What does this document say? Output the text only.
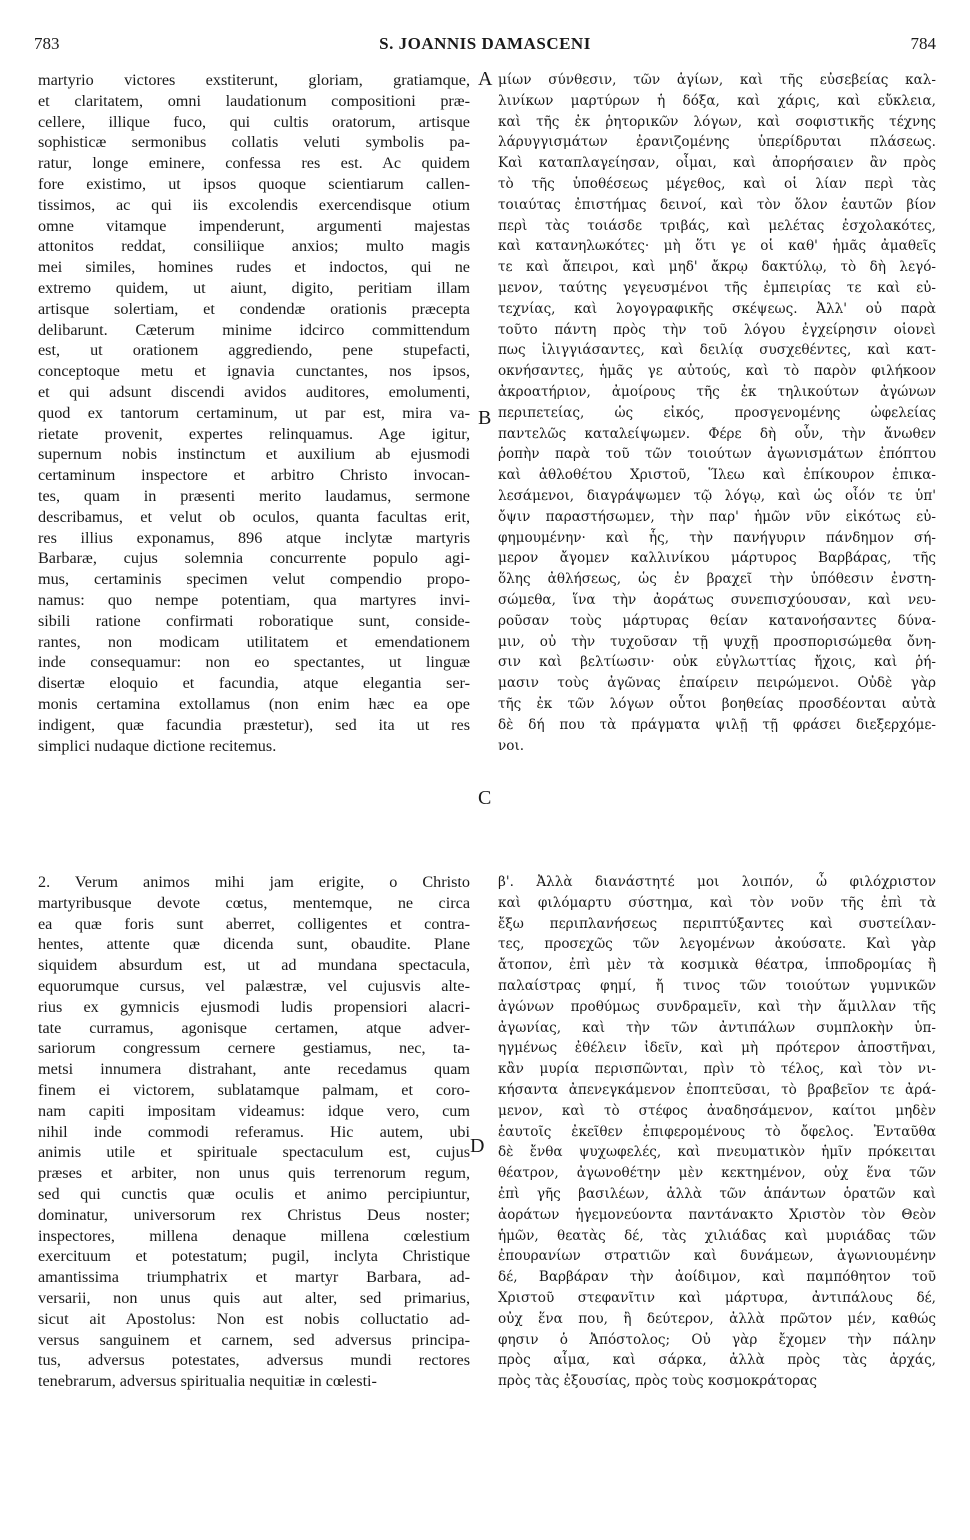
783	S. JOANNIS DAMASCENI	784
martyrio victores exstiterunt, gloriam, gratiamque,
et claritatem, omni laudationum compositioni præ-
cellere, illique fuco, qui cultis oratorum, artisque
sophisticæ sermonibus collatis veluti symbolis pa-
ratur, longe eminere, confessa res est. Ac quidem
fore existimo, ut ipsos quoque scientiarum callen-
tissimos, ac qui iis excolendis exercendisque otium
omne vitamque impenderunt, argumenti majestas
attonitos reddat, consiliique anxios; multo magis
mei similes, homines rudes et indoctos, qui ne
extremo quidem, ut aiunt, digito, peritiam illam
artisque solertiam, et condendæ orationis præcepta
delibarunt. Cæterum minime idcirco committendum
est, ut orationem aggrediendo, pene stupefacti,
conceptoque metu et ignavia cunctantes, nos ipsos,
et qui adsunt discendi avidos auditores, emolumenti,
quod ex tantorum certaminum, ut par est, mira va-
rietate provenit, expertes relinquamus. Age igitur,
supernum nobis instinctum et auxilium ab ejusmodi
certaminum inspectore et arbitro Christo invocan-
tes, quam in præsenti merito laudamus, sermone
describamus, et velut ob oculos, quanta facultas erit,
res illius exponamus, 896 atque inclytæ martyris
Barbaræ, cujus solemnia concurrente populo agi-
mus, certaminis specimen velut compendio propo-
namus: quo nempe potentiam, qua martyres invi-
sibili ratione confirmati roboratique sunt, conside-
rantes, non modicam utilitatem et emendationem
inde consequamur: non eo spectantes, ut linguæ
disertæ eloquio et facundia, atque elegantia ser-
monis certamina extollamus (non enim hæc ea ope
indigent, quæ facundia præstetur), sed ita ut res
simplici nudaque dictione recitemus.
μίων σύνθεσιν, τῶν ἁγίων, καὶ τῆς εὐσεβείας καλ-
λινίκων μαρτύρων ἡ δόξα, καὶ χάρις, καὶ εὔκλεια,
καὶ τῆς ἐκ ῥητορικῶν λόγων, καὶ σοφιστικῆς τέχνης
λάρυγγισμάτων ἐρανιζομένης ὑπερίδρυται πλάσεως.
Καὶ καταπλαγείησαν, οἶμαι, καὶ ἀπορήσαιεν ἂν πρὸς
τὸ τῆς ὑποθέσεως μέγεθος, καὶ οἱ λίαν περὶ τὰς
τοιαύτας ἐπιστήμας δεινοί, καὶ τὸν ὅλον ἑαυτῶν βίον
περὶ τὰς τοιάσδε τριβάς, καὶ μελέτας ἐσχολακότες,
καὶ κατανηλωκότες· μὴ ὅτι γε οἱ καθ' ἡμᾶς ἀμαθεῖς
τε καὶ ἄπειροι, καὶ μηδ' ἄκρῳ δακτύλῳ, τὸ δὴ λεγό-
μενον, ταύτης γεγευσμένοι τῆς ἐμπειρίας τε καὶ εὐ-
τεχνίας, καὶ λογογραφικῆς σκέψεως. Ἀλλ' οὐ παρὰ
τοῦτο πάντη πρὸς τὴν τοῦ λόγου ἐγχείρησιν οἱονεὶ
πως ἰλιγγιάσαντες, καὶ δειλίᾳ συσχεθέντες, καὶ κατ-
οκνήσαντες, ἡμᾶς γε αὐτούς, καὶ τὸ παρὸν φιλήκοον
ἀκροατήριον, ἀμοίρους τῆς ἐκ τηλικούτων ἀγώνων
περιπετείας, ὡς εἰκός, προσγενομένης ὠφελείας
παντελῶς καταλείψωμεν. Φέρε δὴ οὖν, τὴν ἄνωθεν
ῥοπὴν παρὰ τοῦ τῶν τοιούτων ἀγωνισμάτων ἐπόπτου
καὶ ἀθλοθέτου Χριστοῦ, Ἵλεω καὶ ἐπίκουρον ἐπικα-
λεσάμενοι, διαγράψωμεν τῷ λόγῳ, καὶ ὡς οἷόν τε ὑπ'
ὄψιν παραστήσωμεν, τὴν παρ' ἡμῶν νῦν εἰκότως εὐ-
φημουμένην· καὶ ἧς, τὴν πανήγυριν πάνδημον σή-
μερον ἄγομεν καλλινίκου μάρτυρος Βαρβάρας, τῆς
ὅλης ἀθλήσεως, ὡς ἐν βραχεῖ τὴν ὑπόθεσιν ἐνστη-
σώμεθα, ἵνα τὴν ἀοράτως συνεπισχύουσαν, καὶ νευ-
ροῦσαν τοὺς μάρτυρας θείαν κατανοήσαντες δύνα-
μιν, οὐ τὴν τυχοῦσαν τῇ ψυχῇ προσπορισώμεθα ὄνη-
σιν καὶ βελτίωσιν· οὐκ εὐγλωττίας ἤχοις, καὶ ῥή-
μασιν τοὺς ἀγῶνας ἐπαίρειν πειρώμενοι. Οὐδὲ γὰρ
τῆς ἐκ τῶν λόγων οὗτοι βοηθείας προσδέονται αὐτὰ
δὲ δή που τὰ πράγματα ψιλῇ τῇ φράσει διεξερχόμε-
νοι.
2. Verum animos mihi jam erigite, o Christo
martyribusque devote cœtus, mentemque, ne circa
ea quæ foris sunt aberret, colligentes et contra-
hentes, attente quæ dicenda sunt, obaudite. Plane
siquidem absurdum est, ut ad mundana spectacula,
equorumque cursus, vel palæstræ, vel cujusvis alte-
rius ex gymnicis ejusmodi ludis propensiori alacri-
tate curramus, agonisque certamen, atque adver-
sariorum congressum cernere gestiamus, nec, ta-
metsi innumera distrahant, ante recedamus quam
finem ei victorem, sublatamque palmam, et coro-
nam capiti impositam videamus: idque vero, cum
nihil inde commodi referamus. Hic autem, ubi
animis utile et spirituale spectaculum est, cujus
præses et arbiter, non unus quis terrenorum regum,
sed qui cunctis quæ oculis et animo percipiuntur,
dominatur, universorum rex Christus Deus noster;
inspectores, millena denaque millena cœlestium
exercituum et potestatum; pugil, inclyta Christique
amantissima triumphatrix et martyr Barbara, ad-
versarii, non unus quis aut alter, sed primarius,
sicut ait Apostolus: Non est nobis colluctatio ad-
versus sanguinem et carnem, sed adversus principa-
tus, adversus potestates, adversus mundi rectores
tenebrarum, adversus spiritualia nequitiæ in cœlesti-
β'. Ἀλλὰ διανάστητέ μοι λοιπόν, ὦ φιλόχριστον
καὶ φιλόμαρτυ σύστημα, καὶ τὸν νοῦν τῆς ἐπὶ τὰ
ἔξω περιπλανήσεως περιπτύξαντες καὶ συστείλαν-
τες, προσεχῶς τῶν λεγομένων ἀκούσατε. Καὶ γὰρ
ἄτοπον, ἐπὶ μὲν τὰ κοσμικὰ θέατρα, ἱπποδρομίας ἢ
παλαίστρας φημί, ἤ τινος τῶν τοιούτων γυμνικῶν
ἀγώνων προθύμως συνδραμεῖν, καὶ τὴν ἅμιλλαν τῆς
ἀγωνίας, καὶ τὴν τῶν ἀντιπάλων συμπλοκὴν ὑπ-
ηγμένως ἐθέλειν ἰδεῖν, καὶ μὴ πρότερον ἀποστῆναι,
κἂν μυρία περισπῶνται, πρὶν τὸ τέλος, καὶ τὸν νι-
κήσαντα ἀπενεγκάμενον ἐποπτεῦσαι, τὸ βραβεῖον τε ἀρά-
μενον, καὶ τὸ στέφος ἀναδησάμενον, καίτοι μηδὲν
ἑαυτοῖς ἐκεῖθεν ἐπιφερομένους τὸ ὄφελος. Ἐνταῦθα
δὲ ἔνθα ψυχωφελές, καὶ πνευματικὸν ἡμῖν πρόκειται
θέατρον, ἀγωνοθέτην μὲν κεκτημένον, οὐχ ἕνα τῶν
ἐπὶ γῆς βασιλέων, ἀλλὰ τῶν ἁπάντων ὁρατῶν καὶ
ἀοράτων ἡγεμονεύοντα παντάνακτο Χριστὸν τὸν Θεὸν
ἡμῶν, θεατὰς δέ, τὰς χιλιάδας καὶ μυριάδας τῶν
ἐπουρανίων στρατιῶν καὶ δυνάμεων, ἀγωνιουμένην
δέ, Βαρβάραν τὴν ἀοίδιμον, καὶ παμπόθητον τοῦ
Χριστοῦ στεφανῖτιν καὶ μάρτυρα, ἀντιπάλους δέ,
οὐχ ἕνα που, ἢ δεύτερον, ἀλλὰ πρῶτον μέν, καθώς
φησιν ὁ Ἀπόστολος; Οὐ γὰρ ἔχομεν τὴν πάλην
πρὸς αἷμα, καὶ σάρκα, ἀλλὰ πρὸς τὰς ἀρχάς,
πρὸς τὰς ἐξουσίας, πρὸς τοὺς κοσμοκράτορας
A
B
C
D
